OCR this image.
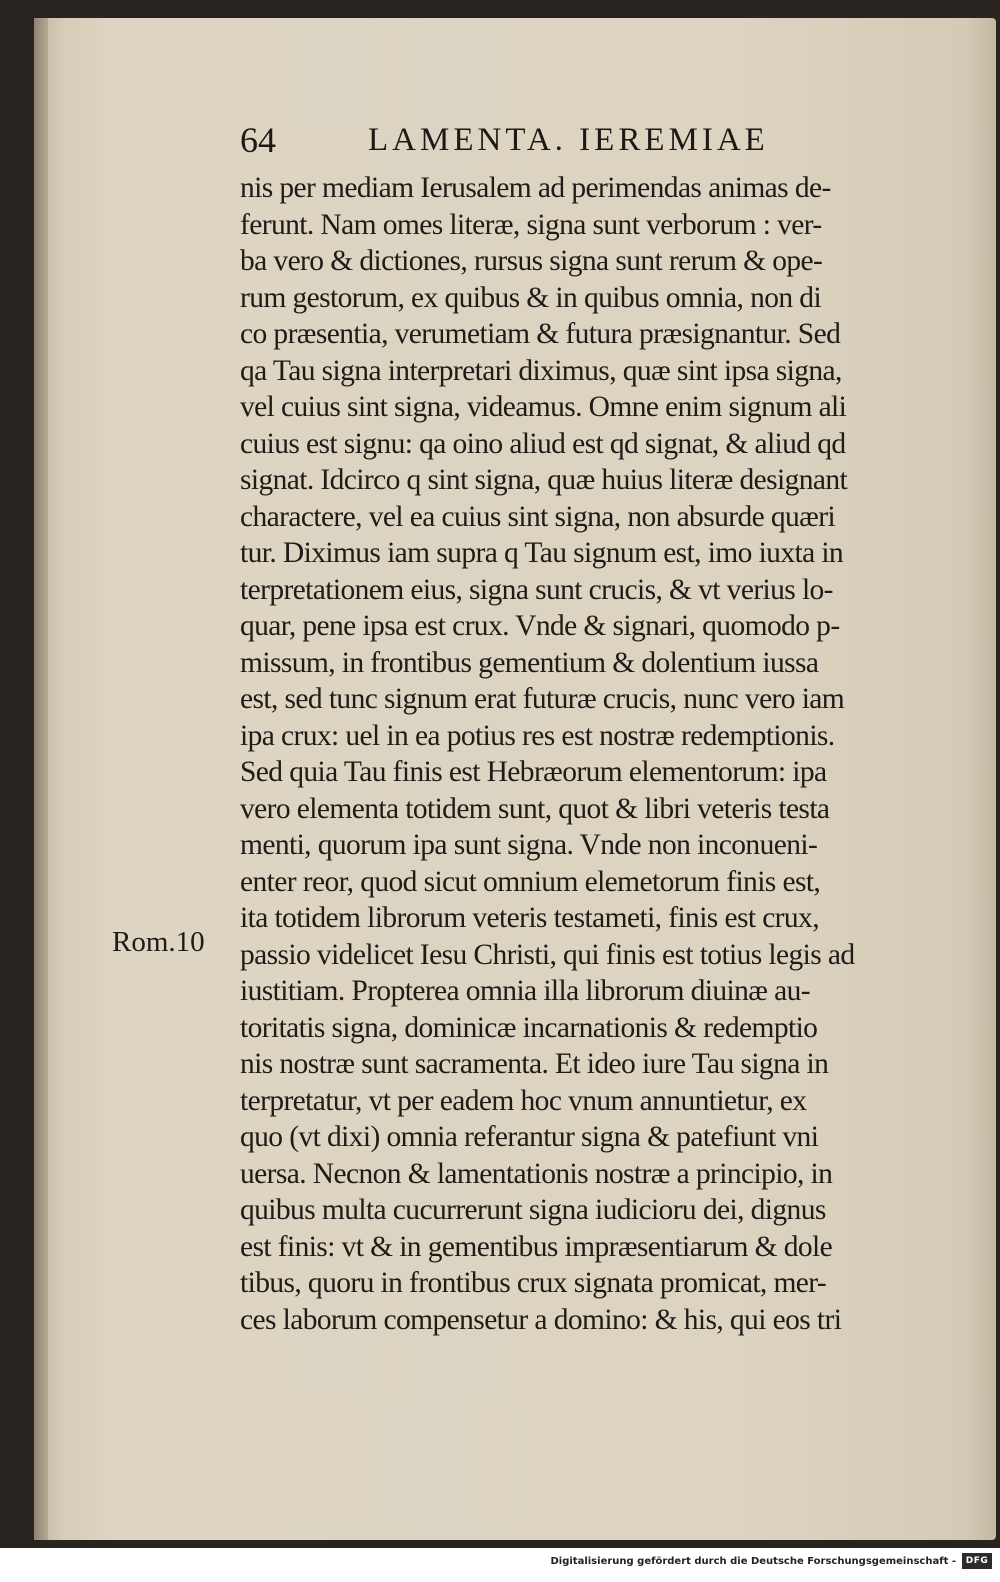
64	LAMENTA. IEREMIAE
Rom.10
nis per mediam Ierusalem ad perimendas animas de-
ferunt. Nam omes literæ, signa sunt verborum : ver-
ba vero & dictiones, rursus signa sunt rerum & ope-
rum gestorum, ex quibus & in quibus omnia, non di
co præsentia, verumetiam & futura præsignantur. Sed
qa Tau signa interpretari diximus, quæ sint ipsa signa,
vel cuius sint signa, videamus. Omne enim signum ali
cuius est signu: qa oino aliud est qd signat, & aliud qd
signat. Idcirco q sint signa, quæ huius literæ designant
charactere, vel ea cuius sint signa, non absurde quæri
tur. Diximus iam supra q Tau signum est, imo iuxta in
terpretationem eius, signa sunt crucis, & vt verius lo-
quar, pene ipsa est crux. Vnde & signari, quomodo p-
missum, in frontibus gementium & dolentium iussa
est, sed tunc signum erat futuræ crucis, nunc vero iam
ipa crux: uel in ea potius res est nostræ redemptionis.
Sed quia Tau finis est Hebræorum elementorum: ipa
vero elementa totidem sunt, quot & libri veteris testa
menti, quorum ipa sunt signa. Vnde non inconueni-
enter reor, quod sicut omnium elemetorum finis est,
ita totidem librorum veteris testameti, finis est crux,
passio videlicet Iesu Christi, qui finis est totius legis ad
iustitiam. Propterea omnia illa librorum diuinæ au-
toritatis signa, dominicæ incarnationis & redemptio
nis nostræ sunt sacramenta. Et ideo iure Tau signa in
terpretatur, vt per eadem hoc vnum annuntietur, ex
quo (vt dixi) omnia referantur signa & patefiunt vni
uersa. Necnon & lamentationis nostræ a principio, in
quibus multa cucurrerunt signa iudicioru dei, dignus
est finis: vt & in gementibus impræsentiarum & dole
tibus, quoru in frontibus crux signata promicat, mer-
ces laborum compensetur a domino: & his, qui eos tri
Digitalisierung gefördert durch die Deutsche Forschungsgemeinschaft -	DFG
